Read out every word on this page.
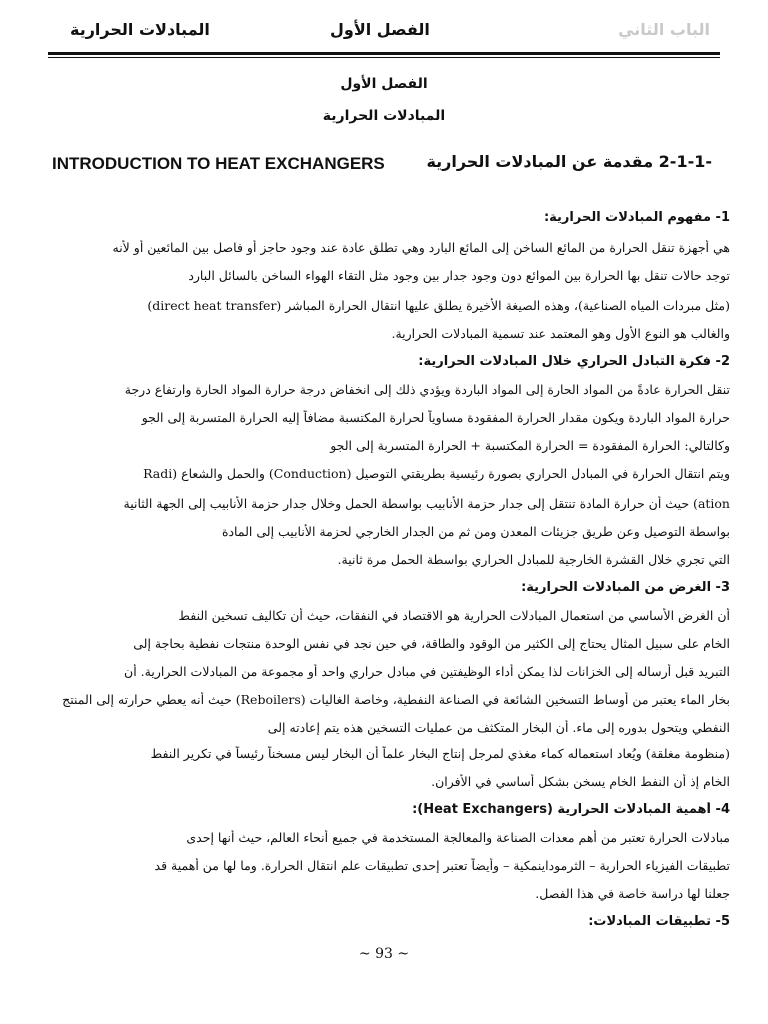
الباب الثاني
الفصل الأول
المبادلات الحرارية
الفصل الأول
المبادلات الحرارية
INTRODUCTION TO HEAT EXCHANGERS	-2-1-1 مقدمة عن المبادلات الحرارية
1- مفهوم المبادلات الحرارية:
هي أجهزة تنقل الحرارة من المائع الساخن إلى المائع البارد وهي تطلق عادة عند وجود حاجز أو فاصل بين المائعين أو لأنه
توجد حالات تنقل بها الحرارة بين الموائع دون وجود جدار بين وجود مثل التقاء الهواء الساخن بالسائل البارد
(مثل مبردات المياه الصناعية)، وهذه الصيغة الأخيرة يطلق عليها انتقال الحرارة المباشر (direct heat transfer)
والغالب هو النوع الأول وهو المعتمد عند تسمية المبادلات الحرارية.
2- فكرة التبادل الحراري خلال المبادلات الحرارية:
تنقل الحرارة عادةً من المواد الحارة إلى المواد الباردة ويؤدي ذلك إلى انخفاض درجة حرارة المواد الحارة وارتفاع درجة
حرارة المواد الباردة ويكون مقدار الحرارة المفقودة مساوياً لحرارة المكتسبة مضافاً إليه الحرارة المتسربة إلى الجو
وكالتالي: الحرارة المفقودة = الحرارة المكتسبة + الحرارة المتسربة إلى الجو
ويتم انتقال الحرارة في المبادل الحراري بصورة رئيسية بطريقتي التوصيل (Conduction) والحمل والشعاع (Radi
ation) حيث أن حرارة المادة تنتقل إلى جدار حزمة الأنابيب بواسطة الحمل وخلال جدار حزمة الأنابيب إلى الجهة الثانية
بواسطة التوصيل وعن طريق جزيئات المعدن ومن ثم من الجدار الخارجي لحزمة الأنابيب إلى المادة
التي تجري خلال القشرة الخارجية للمبادل الحراري بواسطة الحمل مرة ثانية.
3- الغرض من المبادلات الحرارية:
أن الغرض الأساسي من استعمال المبادلات الحرارية هو الاقتصاد في النفقات، حيث أن تكاليف تسخين النفط
الخام على سبيل المثال يحتاج إلى الكثير من الوقود والطاقة، في حين نجد في نفس الوحدة منتجات نفطية بحاجة إلى
التبريد قبل أرساله إلى الخزانات لذا يمكن أداء الوظيفتين في مبادل حراري واحد أو مجموعة من المبادلات الحرارية. أن
بخار الماء يعتبر من أوساط التسخين الشائعة في الصناعة النفطية، وخاصة الغاليات (Reboilers) حيث أنه يعطي حرارته إلى المنتج
النفطي ويتحول بدوره إلى ماء. أن البخار المتكثف من عمليات التسخين هذه يتم إعادته إلى
(منظومة مغلقة) ويُعاد استعماله كماء مغذي لمرجل إنتاج البخار علماً أن البخار ليس مسخناً رئيساً في تكرير النفط
الخام إذ أن النفط الخام يسخن بشكل أساسي في الأفران.
4- أهمية المبادلات الحرارية (Heat Exchangers):
مبادلات الحرارة تعتبر من أهم معدات الصناعة والمعالجة المستخدمة في جميع أنحاء العالم، حيث أنها إحدى
تطبيقات الفيزياء الحرارية – الثرموداينمكية – وأيضاً تعتبر إحدى تطبيقات علم انتقال الحرارة. وما لها من أهمية قد
جعلنا لها دراسة خاصة في هذا الفصل.
5- تطبيقات المبادلات:
~ 93 ~
